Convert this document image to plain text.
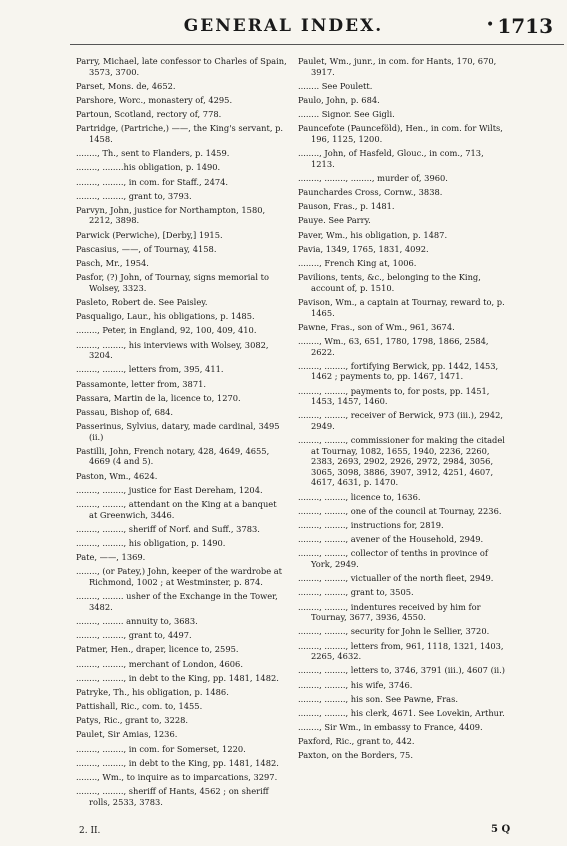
GENERAL INDEX.	• 1713

Parry, Michael, late confessor to Charles of Spain, 3573, 3700.

Parset, Mons. de, 4652.

Parshore, Worc., monastery of, 4295.

Partoun, Scotland, rectory of, 778.

Partridge, (Partriche,) ——, the King's servant, p. 1458.

........, Th., sent to Flanders, p. 1459.

........, ........his obligation, p. 1490.

........, ........, in com. for Staff., 2474.

........, ........, grant to, 3793.

Parvyn, John, justice for Northampton, 1580, 2212, 3898.

Parwick (Perwiche), [Derby,] 1915.

Pascasius, ——, of Tournay, 4158.

Pasch, Mr., 1954.

Pasfor, (?) John, of Tournay, signs memorial to Wolsey, 3323.

Pasleto, Robert de. See Paisley.

Pasqualigo, Laur., his obligations, p. 1485.

........, Peter, in England, 92, 100, 409, 410.

........, ........, his interviews with Wolsey, 3082, 3204.

........, ........, letters from, 395, 411.

Passamonte, letter from, 3871.

Passara, Martin de la, licence to, 1270.

Passau, Bishop of, 684.

Passerinus, Sylvius, datary, made cardinal, 3495 (ii.)

Pastilli, John, French notary, 428, 4649, 4655, 4669 (4 and 5).

Paston, Wm., 4624.

........, ........, justice for East Dereham, 1204.

........, ........, attendant on the King at a banquet at Greenwich, 3446.

........, ........, sheriff of Norf. and Suff., 3783.

........, ........, his obligation, p. 1490.

Pate, ——, 1369.

........, (or Patey,) John, keeper of the wardrobe at Richmond, 1002 ; at Westminster, p. 874.

........, ........ usher of the Exchange in the Tower, 3482.

........, ........ annuity to, 3683.

........, ........, grant to, 4497.

Patmer, Hen., draper, licence to, 2595.

........, ........, merchant of London, 4606.

........, ........, in debt to the King, pp. 1481, 1482.

Patryke, Th., his obligation, p. 1486.

Pattishall, Ric., com. to, 1455.

Patys, Ric., grant to, 3228.

Paulet, Sir Amias, 1236.

........, ........, in com. for Somerset, 1220.

........, ........, in debt to the King, pp. 1481, 1482.

........, Wm., to inquire as to imparcations, 3297.

........, ........, sheriff of Hants, 4562 ; on sheriff rolls, 2533, 3783.

Paulet, Wm., junr., in com. for Hants, 170, 670, 3917.

........ See Poulett.

Paulo, John, p. 684.

........ Signor. See Gigli.

Pauncefote (Paunceföld), Hen., in com. for Wilts, 196, 1125, 1200.

........, John, of Hasfeld, Glouc., in com., 713, 1213.

........, ........, ........, murder of, 3960.

Paunchardes Cross, Cornw., 3838.

Pauson, Fras., p. 1481.

Pauye. See Parry.

Paver, Wm., his obligation, p. 1487.

Pavia, 1349, 1765, 1831, 4092.

........, French King at, 1006.

Pavilions, tents, &c., belonging to the King, account of, p. 1510.

Pavison, Wm., a captain at Tournay, reward to, p. 1465.

Pawne, Fras., son of Wm., 961, 3674.

........, Wm., 63, 651, 1780, 1798, 1866, 2584, 2622.

........, ........, fortifying Berwick, pp. 1442, 1453, 1462 ; payments to, pp. 1467, 1471.

........, ........, payments to, for posts, pp. 1451, 1453, 1457, 1460.

........, ........, receiver of Berwick, 973 (iii.), 2942, 2949.

........, ........, commissioner for making the citadel at Tournay, 1082, 1655, 1940, 2236, 2260, 2383, 2693, 2902, 2926, 2972, 2984, 3056, 3065, 3098, 3886, 3907, 3912, 4251, 4607, 4617, 4631, p. 1470.

........, ........, licence to, 1636.

........, ........, one of the council at Tournay, 2236.

........, ........, instructions for, 2819.

........, ........, avener of the Household, 2949.

........, ........, collector of tenths in province of York, 2949.

........, ........, victualler of the north fleet, 2949.

........, ........, grant to, 3505.

........, ........, indentures received by him for Tournay, 3677, 3936, 4550.

........, ........, security for John le Sellier, 3720.

........, ........, letters from, 961, 1118, 1321, 1403, 2265, 4632.

........, ........, letters to, 3746, 3791 (iii.), 4607 (ii.)

........, ........, his wife, 3746.

........, ........, his son. See Pawne, Fras.

........, ........, his clerk, 4671. See Lovekin, Arthur.

........, Sir Wm., in embassy to France, 4409.

Paxford, Ric., grant to, 442.

Paxton, on the Borders, 75.

2. II.	5 Q
